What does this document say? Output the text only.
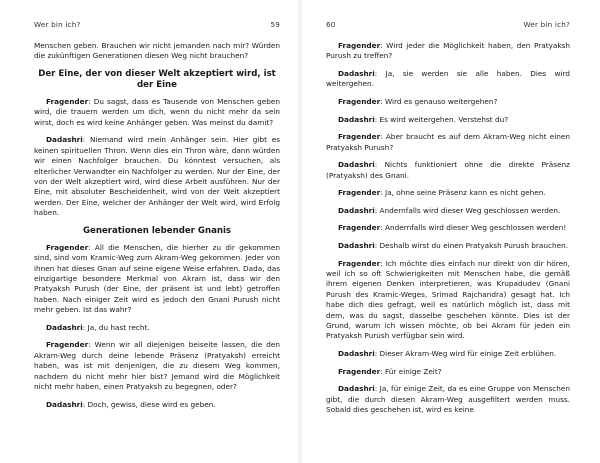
Wer bin ich?	59

Menschen geben. Brauchen wir nicht jemanden nach mir? Würden die zukünftigen Generationen diesen Weg nicht brauchen?

Der Eine, der von dieser Welt akzeptiert wird, ist der Eine

Fragender: Du sagst, dass es Tausende von Menschen geben wird, die trauern werden um dich, wenn du nicht mehr da sein wirst, doch es wird keine Anhänger geben. Was meinst du damit?

Dadashri: Niemand wird mein Anhänger sein. Hier gibt es keinen spirituellen Thron. Wenn dies ein Thron wäre, dann würden wir einen Nachfolger brauchen. Du könntest versuchen, als elterlicher Verwandter ein Nachfolger zu werden. Nur der Eine, der von der Welt akzeptiert wird, wird diese Arbeit ausführen. Nur der Eine, mit absoluter Bescheidenheit, wird von der Welt akzeptiert werden. Der Eine, welcher der Anhänger der Welt wird, wird Erfolg haben.

Generationen lebender Gnanis

Fragender: All die Menschen, die hierher zu dir gekommen sind, sind vom Kramic-Weg zum Akram-Weg gekommen. Jeder von ihnen hat dieses Gnan auf seine eigene Weise erfahren. Dada, das einzigartige besondere Merkmal von Akram ist, dass wir den Pratyaksh Purush (der Eine, der präsent ist und lebt) getroffen haben. Nach einiger Zeit wird es jedoch den Gnani Purush nicht mehr geben. Ist das wahr?

Dadashri: Ja, du hast recht.

Fragender: Wenn wir all diejenigen beiseite lassen, die den Akram-Weg durch deine lebende Präsenz (Pratyaksh) erreicht haben, was ist mit denjenigen, die zu diesem Weg kommen, nachdem du nicht mehr hier bist? Jemand wird die Möglichkeit nicht mehr haben, einen Pratyaksh zu begegnen, oder?

Dadashri: Doch, gewiss, diese wird es geben.

60	Wer bin ich?

Fragender: Wird jeder die Möglichkeit haben, den Pratyaksh Purush zu treffen?

Dadashri: Ja, sie werden sie alle haben. Dies wird weitergehen.

Fragender: Wird es genauso weitergehen?

Dadashri: Es wird weitergehen. Verstehst du?

Fragender: Aber braucht es auf dem Akram-Weg nicht einen Pratyaksh Purush?

Dadashri: Nichts funktioniert ohne die direkte Präsenz (Pratyaksh) des Gnani.

Fragender: Ja, ohne seine Präsenz kann es nicht gehen.

Dadashri: Andernfalls wird dieser Weg geschlossen werden.

Fragender: Andernfalls wird dieser Weg geschlossen werden!

Dadashri: Deshalb wirst du einen Pratyaksh Purush brauchen.

Fragender: Ich möchte dies einfach nur direkt von dir hören, weil ich so oft Schwierigkeiten mit Menschen habe, die gemäß ihrem eigenen Denken interpretieren, was Krupadudev (Gnani Purush des Kramic-Weges, Srimad Rajchandra) gesagt hat. Ich habe dich dies gefragt, weil es natürlich möglich ist, dass mit dem, was du sagst, dasselbe geschehen könnte. Dies ist der Grund, warum ich wissen möchte, ob bei Akram für jeden ein Pratyaksh Purush verfügbar sein wird.

Dadashri: Dieser Akram-Weg wird für einige Zeit erblühen.

Fragender: Für einige Zeit?

Dadashri: Ja, für einige Zeit, da es eine Gruppe von Menschen gibt, die durch diesen Akram-Weg ausgefiltert werden muss. Sobald dies geschehen ist, wird es keine
